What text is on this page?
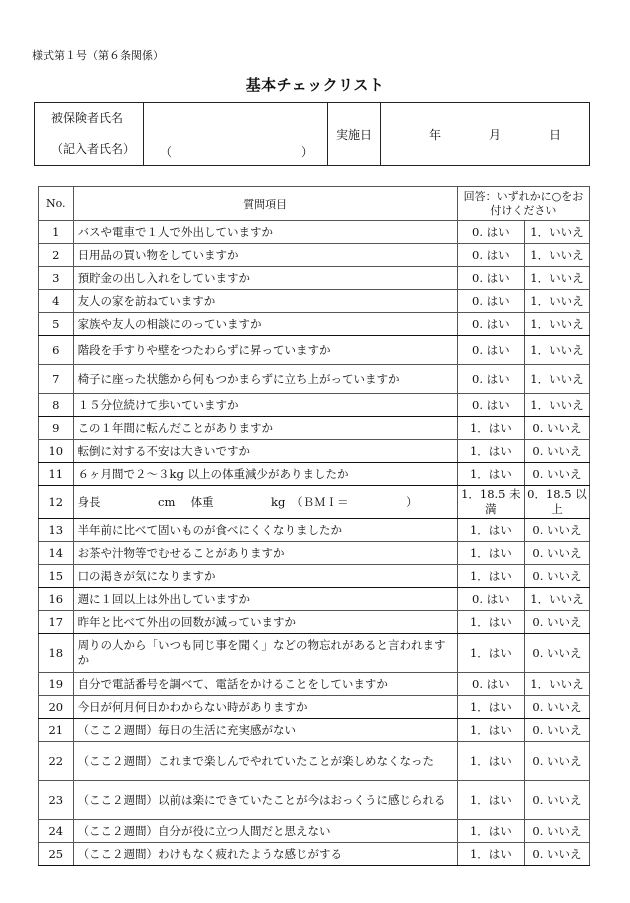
様式第１号（第６条関係）
基本チェックリスト
被保険者氏名
（記入者氏名）	（	）
	実施日	年　　　　月　　　　日
No.	質問項目	回答：いずれかに○をお付けください	

1	バスや電車で１人で外出していますか	0. はい	1．いいえ

2	日用品の買い物をしていますか	0. はい	1．いいえ

3	預貯金の出し入れをしていますか	0. はい	1．いいえ

4	友人の家を訪ねていますか	0. はい	1．いいえ

5	家族や友人の相談にのっていますか	0. はい	1．いいえ

6	階段を手すりや壁をつたわらずに昇っていますか	0. はい	1．いいえ

7	椅子に座った状態から何もつかまらずに立ち上がっていますか	0. はい	1．いいえ

8	１５分位続けて歩いていますか	0. はい	1．いいえ

9	この１年間に転んだことがありますか	1．はい	0. いいえ

10	転倒に対する不安は大きいですか	1．はい	0. いいえ

11	６ヶ月間で２～３kg 以上の体重減少がありましたか	1．はい	0. いいえ

12	身長　　　　　cm　 体重　　　　　kg　（ＢＭＩ＝　　　　　）	1．18.5 未満	0．18.5 以上

13	半年前に比べて固いものが食べにくくなりましたか	1．はい	0. いいえ

14	お茶や汁物等でむせることがありますか	1．はい	0. いいえ

15	口の渇きが気になりますか	1．はい	0. いいえ

16	週に１回以上は外出していますか	0. はい	1．いいえ

17	昨年と比べて外出の回数が減っていますか	1．はい	0. いいえ

18	周りの人から「いつも同じ事を聞く」などの物忘れがあると言われますか	1．はい	0. いいえ

19	自分で電話番号を調べて、電話をかけることをしていますか	0. はい	1．いいえ

20	今日が何月何日かわからない時がありますか	1．はい	0. いいえ

21	（ここ２週間）毎日の生活に充実感がない	1．はい	0. いいえ

22	（ここ２週間）これまで楽しんでやれていたことが楽しめなくなった	1．はい	0. いいえ

23	（ここ２週間）以前は楽にできていたことが今はおっくうに感じられる	1．はい	0. いいえ

24	（ここ２週間）自分が役に立つ人間だと思えない	1．はい	0. いいえ

25	（ここ２週間）わけもなく疲れたような感じがする	1．はい	0. いいえ
